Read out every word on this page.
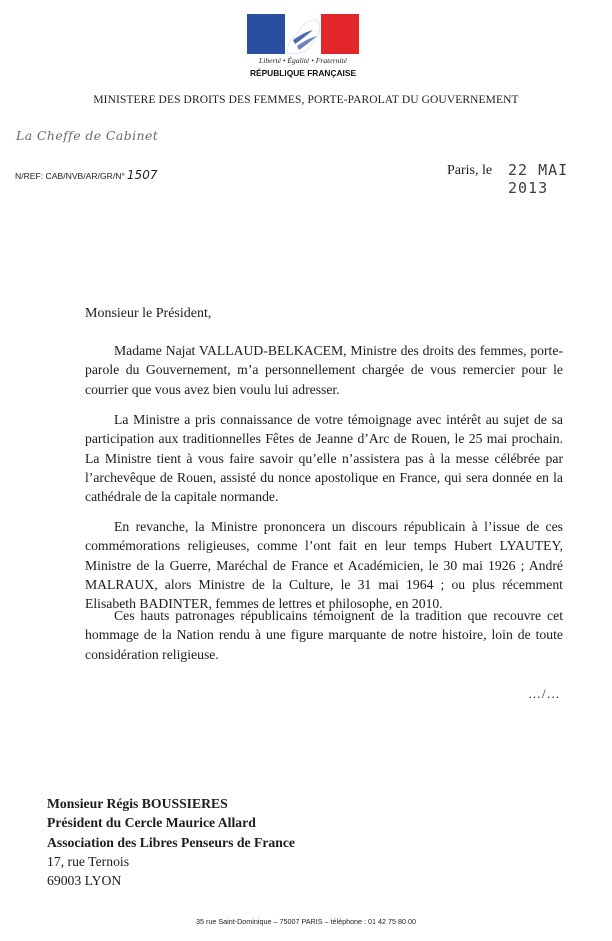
Liberté • Égalité • Fraternité
RÉPUBLIQUE FRANÇAISE
MINISTERE DES DROITS DES FEMMES, PORTE-PAROLAT DU GOUVERNEMENT
La Cheffe de Cabinet
N/REF: CAB/NVB/AR/GR/N° 1507	Paris, le 22 MAI 2013
Monsieur le Président,
Madame Najat VALLAUD-BELKACEM, Ministre des droits des femmes, porte-parole du Gouvernement, m’a personnellement chargée de vous remercier pour le courrier que vous avez bien voulu lui adresser.
La Ministre a pris connaissance de votre témoignage avec intérêt au sujet de sa participation aux traditionnelles Fêtes de Jeanne d’Arc de Rouen, le 25 mai prochain. La Ministre tient à vous faire savoir qu’elle n’assistera pas à la messe célébrée par l’archevêque de Rouen, assisté du nonce apostolique en France, qui sera donnée en la cathédrale de la capitale normande.
En revanche, la Ministre prononcera un discours républicain à l’issue de ces commémorations religieuses, comme l’ont fait en leur temps Hubert LYAUTEY, Ministre de la Guerre, Maréchal de France et Académicien, le 30 mai 1926 ; André MALRAUX, alors Ministre de la Culture, le 31 mai 1964 ; ou plus récemment Elisabeth BADINTER, femmes de lettres et philosophe, en 2010.
Ces hauts patronages républicains témoignent de la tradition que recouvre cet hommage de la Nation rendu à une figure marquante de notre histoire, loin de toute considération religieuse.
…/…
Monsieur Régis BOUSSIERES
Président du Cercle Maurice Allard
Association des Libres Penseurs de France
17, rue Ternois
69003 LYON
35 rue Saint-Dominique – 75007 PARIS – téléphone : 01 42 75 80 00
